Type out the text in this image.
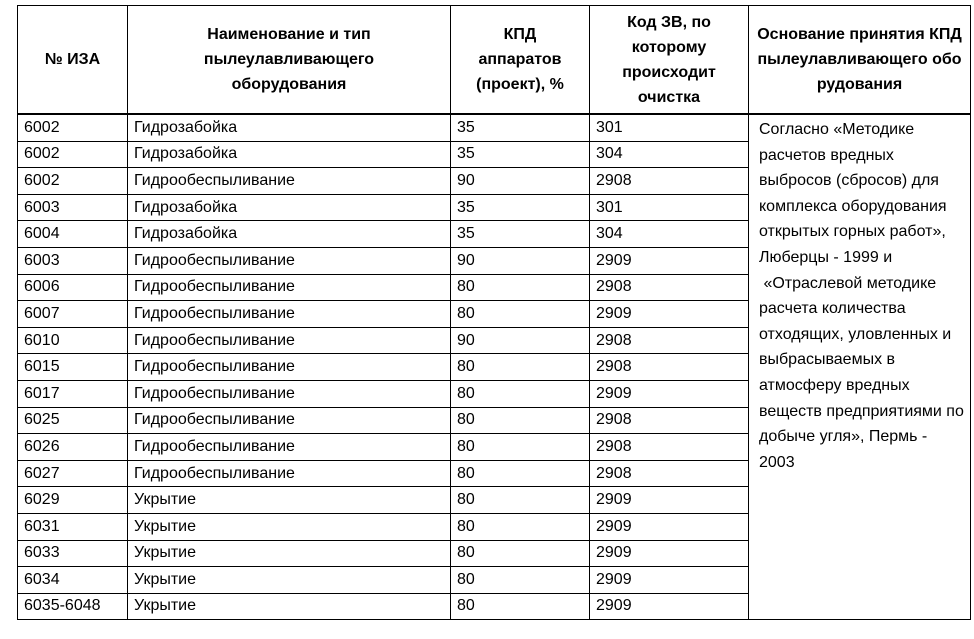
№ ИЗА	Наименование и тип пылеулавливающего оборудования	КПД аппаратов (проект), %	Код ЗВ, по которому происходит очистка	Основание принятия КПД пылеулавливающего оборудования
6002	Гидрозабойка	35	301	Согласно «Методике расчетов вредных выбросов (сбросов) для комплекса оборудования открытых горных работ», Люберцы - 1999 и
«Отраслевой методике расчета количества отходящих, уловленных и выбрасываемых в атмосферу вредных веществ предприятиями по добыче угля», Пермь - 2003

6002	Гидрозабойка	35	304	
6002	Гидрообеспыливание	90	2908	
6003	Гидрозабойка	35	301	
6004	Гидрозабойка	35	304	
6003	Гидрообеспыливание	90	2909	
6006	Гидрообеспыливание	80	2908	
6007	Гидрообеспыливание	80	2909	
6010	Гидрообеспыливание	90	2908	
6015	Гидрообеспыливание	80	2908	
6017	Гидрообеспыливание	80	2909	
6025	Гидрообеспыливание	80	2908	
6026	Гидрообеспыливание	80	2908	
6027	Гидрообеспыливание	80	2908	
6029	Укрытие	80	2909	
6031	Укрытие	80	2909	
6033	Укрытие	80	2909	
6034	Укрытие	80	2909	
6035-6048	Укрытие	80	2909	
